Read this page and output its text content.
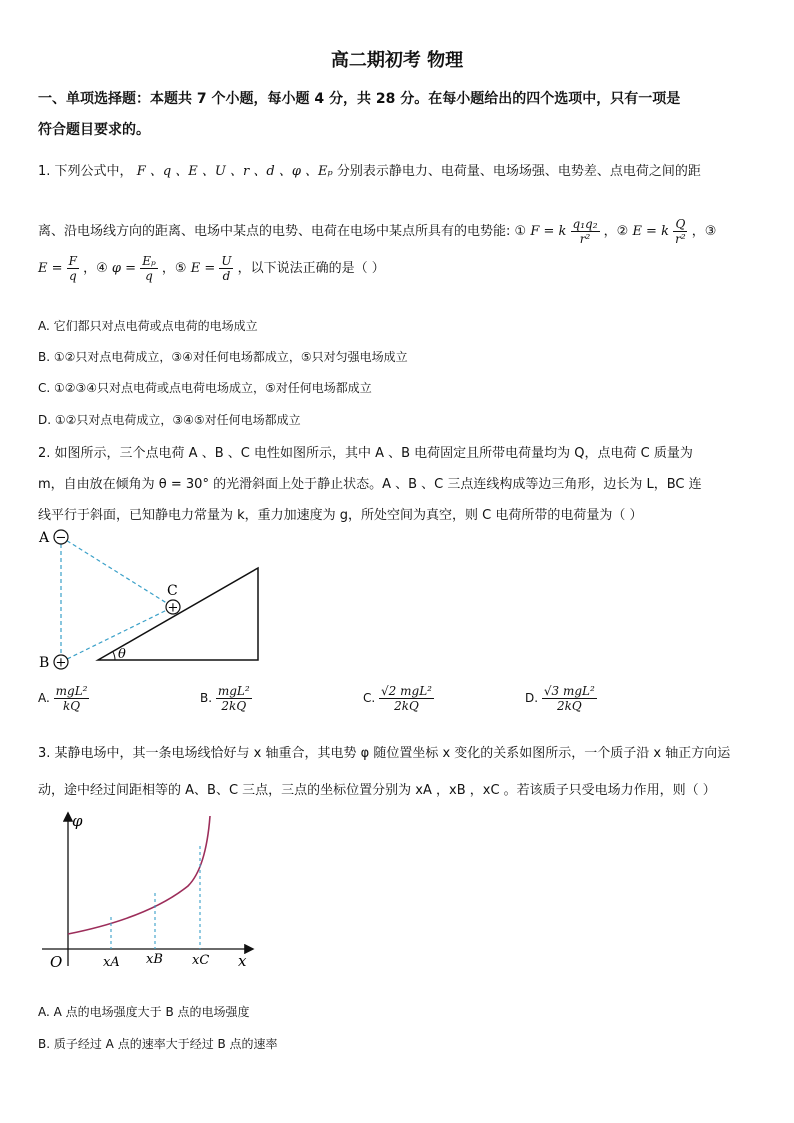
高二期初考 物理
一、单项选择题：本题共 7 个小题，每小题 4 分，共 28 分。在每小题给出的四个选项中，只有一项是
符合题目要求的。
1. 下列公式中， F 、q 、E 、U 、r 、d 、φ 、Eₚ 分别表示静电力、电荷量、电场场强、电势差、点电荷之间的距
离、沿电场线方向的距离、电场中某点的电势、电荷在电场中某点所具有的电势能: ① F = k $\frac{\text{q₁q₂}}{\text{r²}}$ ，② E = k $\frac{Q}{\text{r²}}$ ，③
$E = \frac{F}{q}$ ，④ $\varphi = \frac{\text{Eₚ}}{q}$ ，⑤ $E = \frac{U}{d}$ ，以下说法正确的是（ ）
A. 它们都只对点电荷或点电荷的电场成立
B. ①②只对点电荷成立，③④对任何电场都成立，⑤只对匀强电场成立
C. ①②③④只对点电荷或点电荷电场成立，⑤对任何电场都成立
D. ①②只对点电荷成立，③④⑤对任何电场都成立
2. 如图所示，三个点电荷 A 、B 、C 电性如图所示，其中 A 、B 电荷固定且所带电荷量均为 Q，点电荷 C 质量为
m，自由放在倾角为 θ = 30° 的光滑斜面上处于静止状态。A 、B 、C 三点连线构成等边三角形，边长为 L，BC 连
线平行于斜面，已知静电力常量为 k，重力加速度为 g，所处空间为真空，则 C 电荷所带的电荷量为（ ）
−
+
+
A
B
C
θ
A. $\frac{\text{mgL²}}{kQ}$	B. $\frac{\text{mgL²}}{2kQ}$	C. $\frac{\text{√2 mgL²}}{2kQ}$	D. $\frac{\text{√3 mgL²}}{2kQ}$
3. 某静电场中，其一条电场线恰好与 x 轴重合，其电势 φ 随位置坐标 x 变化的关系如图所示，一个质子沿 x 轴正方向运
动，途中经过间距相等的 A、B、C 三点，三点的坐标位置分别为 xA ，xB ，xC 。若该质子只受电场力作用，则（ ）
φ
x
O	xA xB xC
A. A 点的电场强度大于 B 点的电场强度
B. 质子经过 A 点的速率大于经过 B 点的速率
